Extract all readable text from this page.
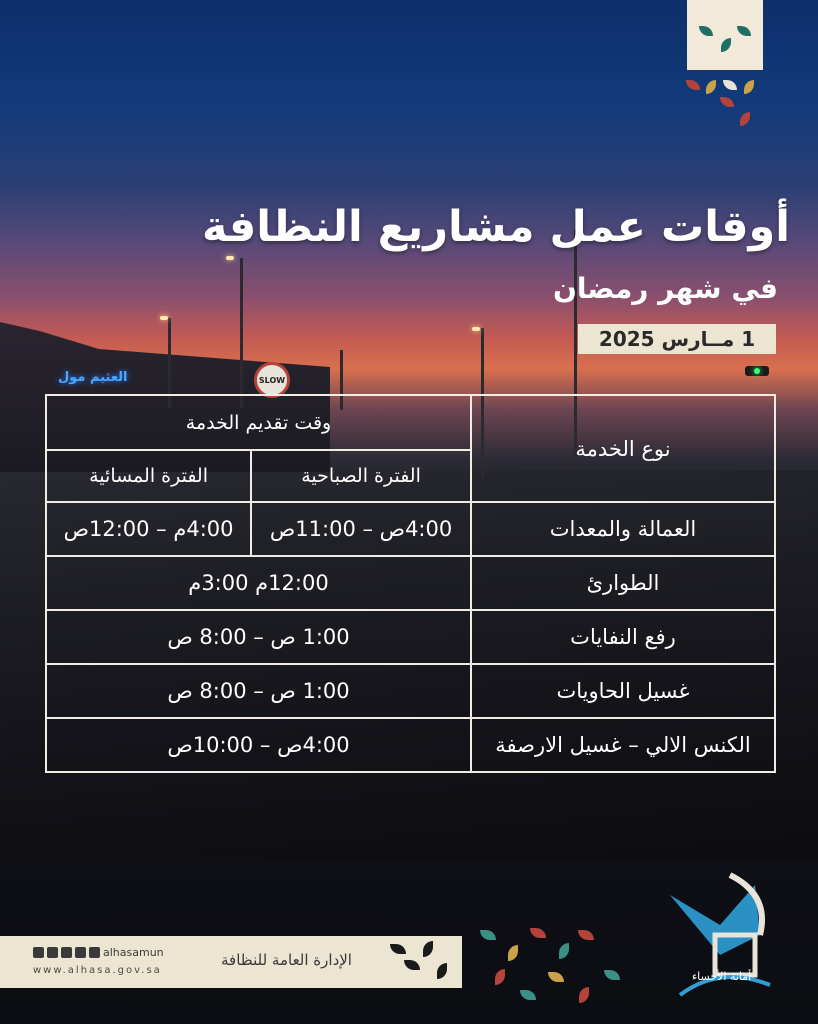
العثيم مول	SLOW
أوقات عمل مشاريع النظافة
في شهر رمضان
1 مــارس 2025
نوع الخدمة	وقت تقديم الخدمة	
	الفترة الصباحية	الفترة المسائية
العمالة والمعدات	4:00ص – 11:00ص	4:00م – 12:00ص
الطوارئ	12:00م 3:00م	
رفع النفايات	1:00 ص – 8:00 ص	
غسيل الحاويات	1:00 ص – 8:00 ص	
الكنس الالي – غسيل الارصفة	4:00ص – 10:00ص	
alhasamun
www.alhasa.gov.sa
الإدارة العامة للنظافة
أمانة الأحساء
